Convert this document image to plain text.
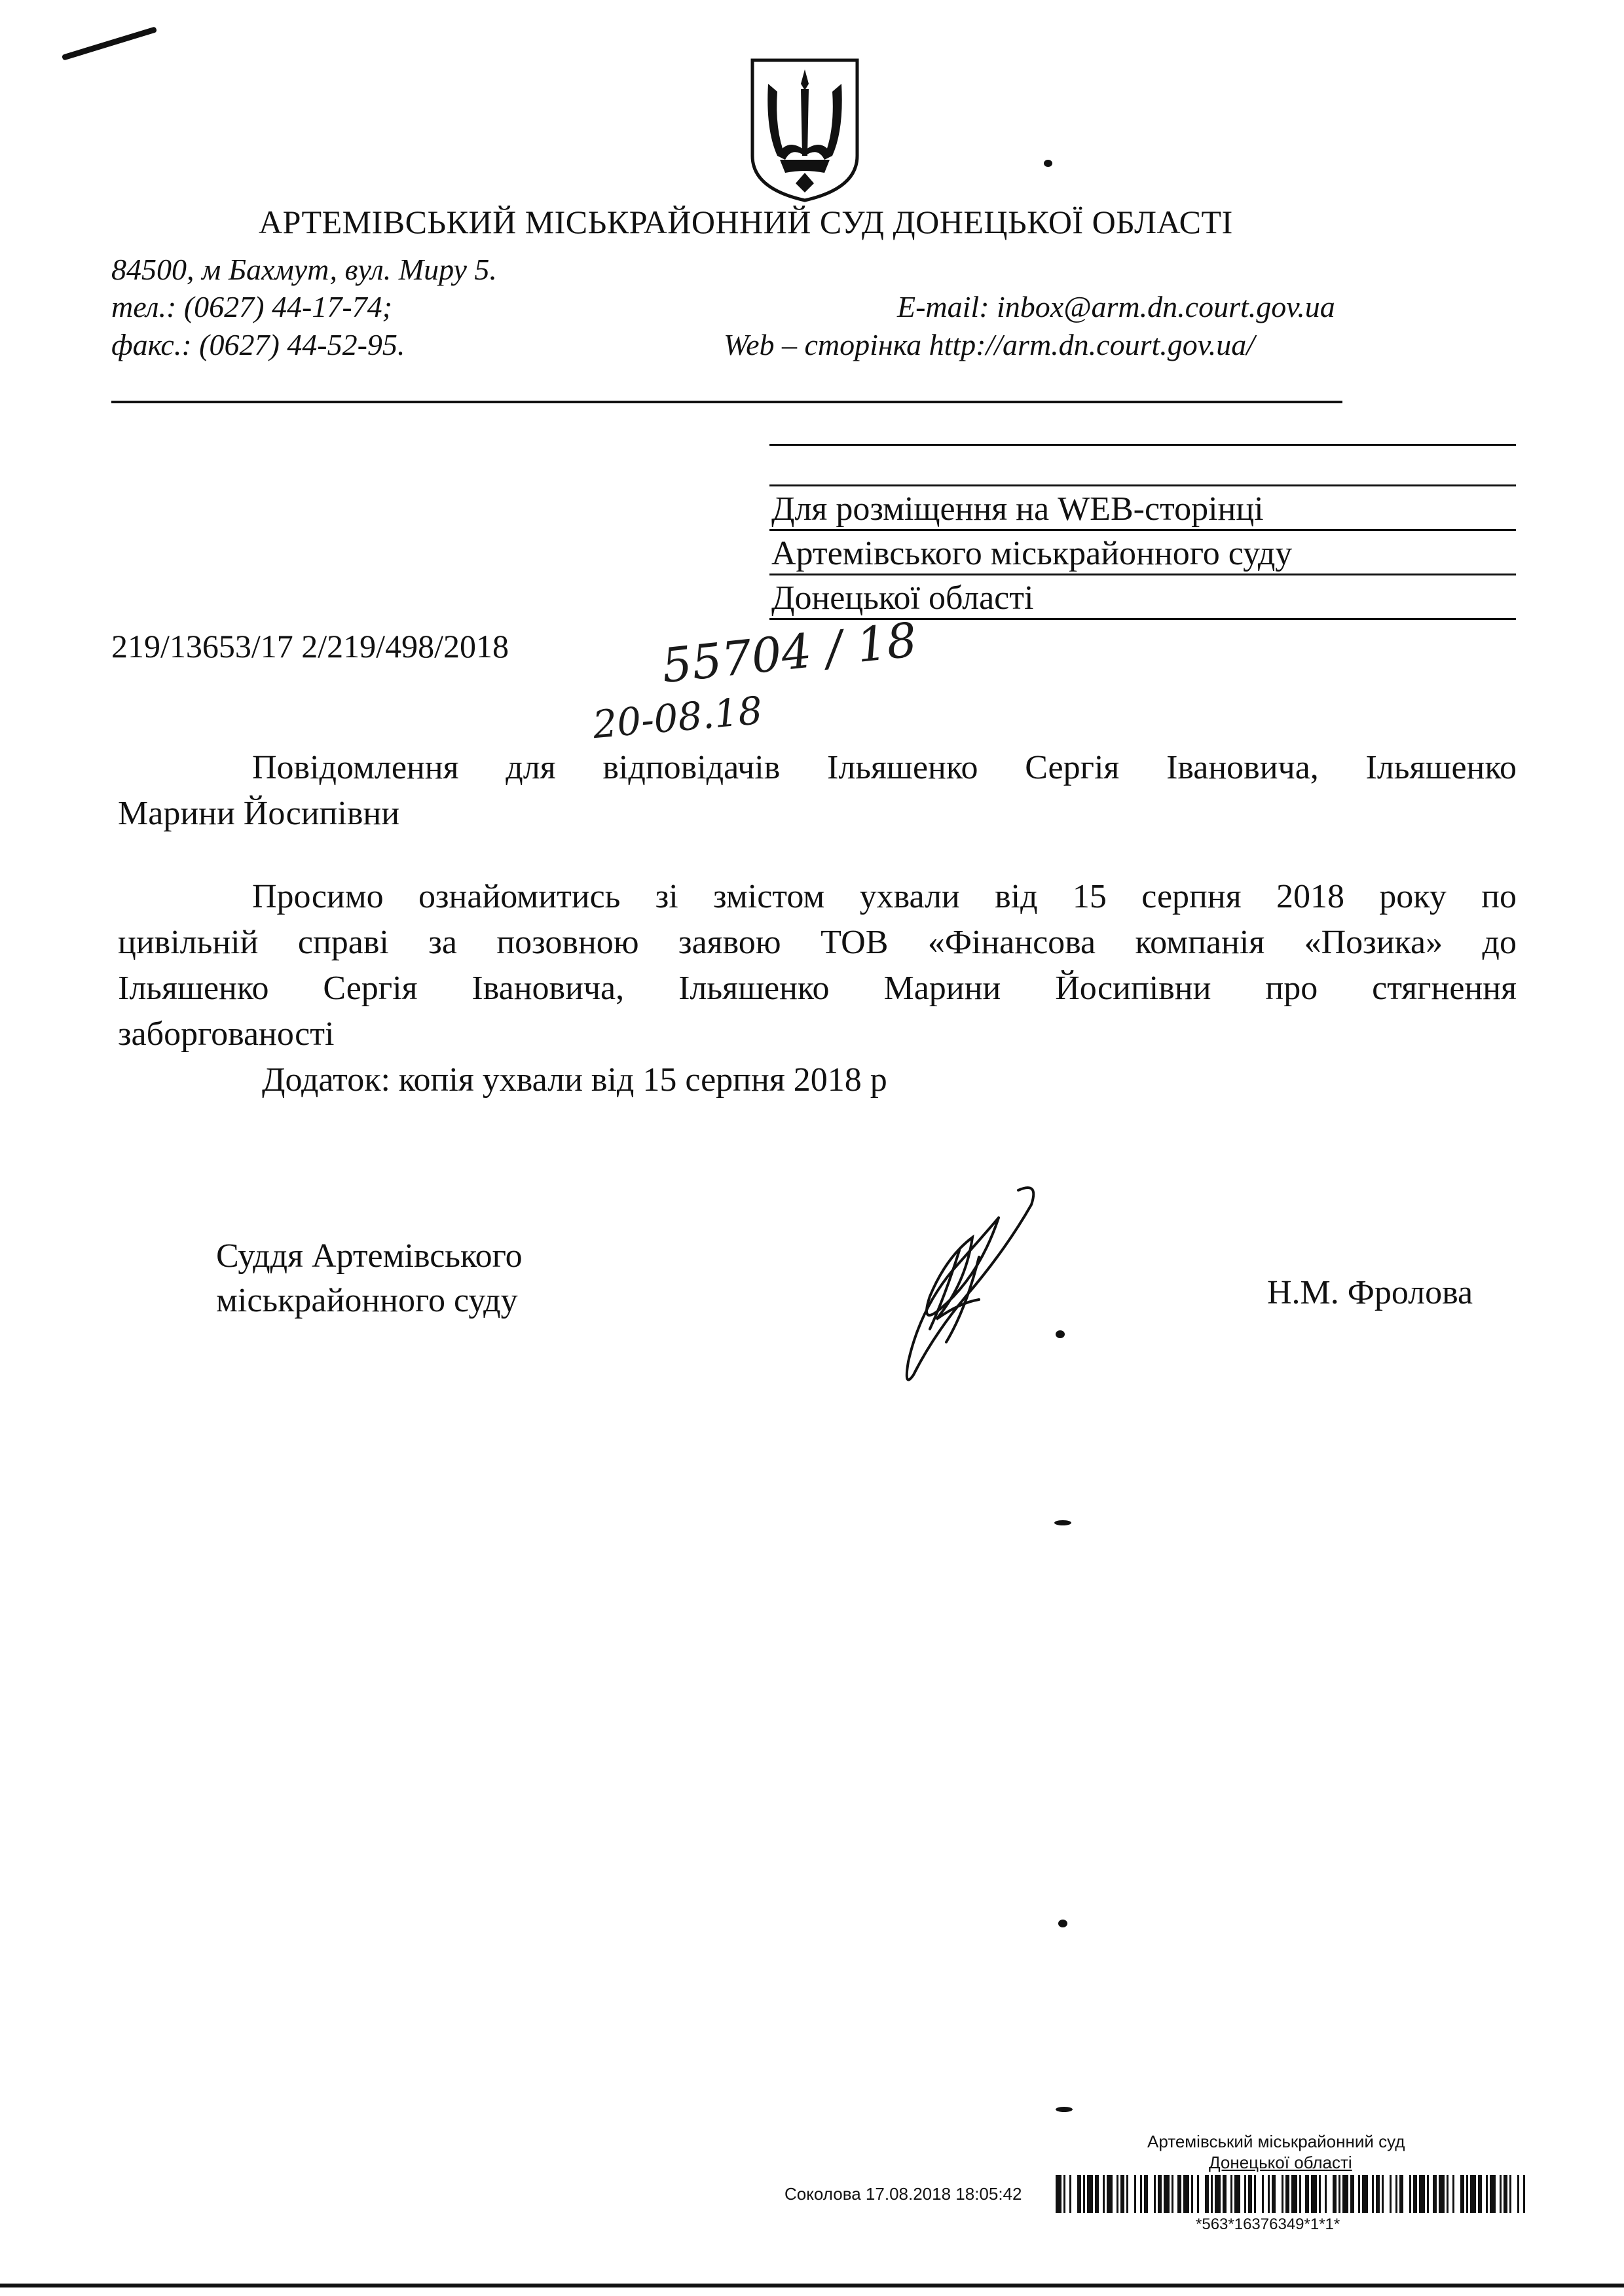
АРТЕМІВСЬКИЙ МІСЬКРАЙОННИЙ СУД ДОНЕЦЬКОЇ ОБЛАСТІ
84500, м Бахмут, вул. Миру 5.
тел.: (0627) 44-17-74;
факс.: (0627) 44-52-95.
E-mail: inbox@arm.dn.court.gov.ua
Web – сторінка http://arm.dn.court.gov.ua/
Для розміщення на WEB-сторінці
Артемівського міськрайонного суду
Донецької області
219/13653/17 2/219/498/2018	55704 / 18
20-08.18
Повідомлення для відповідачів Ільяшенко Сергія Івановича, Ільяшенко
Марини Йосипівни
Просимо ознайомитись зі змістом ухвали від 15 серпня 2018 року по
цивільній справі за позовною заявою ТОВ «Фінансова компанія «Позика» до
Ільяшенко Сергія Івановича, Ільяшенко Марини Йосипівни про стягнення
заборгованості
Додаток: копія ухвали від 15 серпня 2018 р
Суддя Артемівського
міськрайонного суду	Н.М. Фролова
Артемівський міськрайонний суд
Донецької області
Соколова 17.08.2018 18:05:42
*563*16376349*1*1*
